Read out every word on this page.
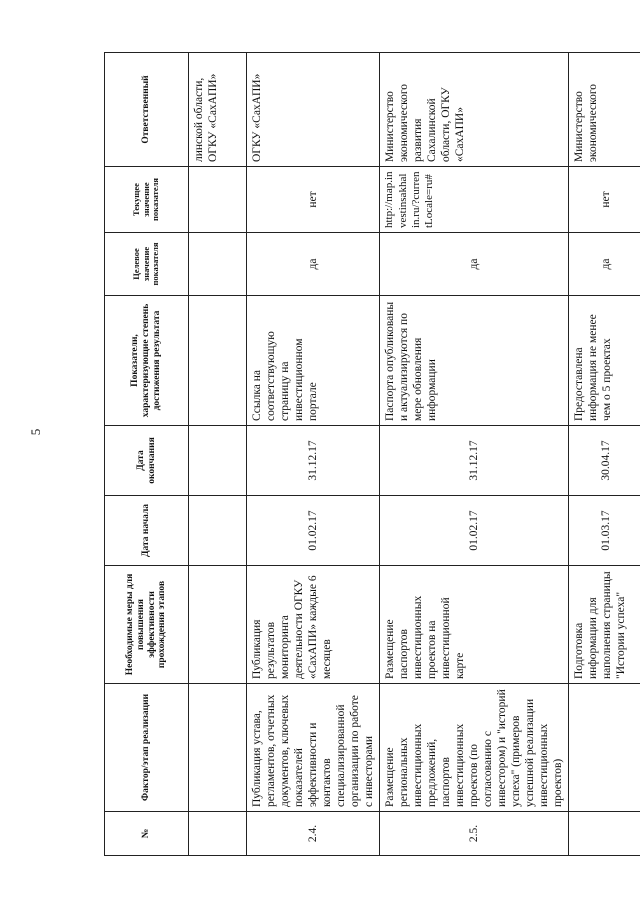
5
№	Фактор/этап реализации	Необходимые меры для повышения эффективности прохождения этапов	Дата начала	Дата окончания	Показатели, характеризующие степень достижения результата	Целевое значение показателя	Текущее значение показателя	Ответственный
								линской области, ОГКУ «СахАПИ»
2.4.	Публикация устава, регламентов, отчетных документов, ключевых показателей эффективности и контактов специализированной организации по работе с инвесторами	Публикация результатов мониторинга деятельности ОГКУ «СахАПИ» каждые 6 месяцев	01.02.17	31.12.17	Ссылка на соответствующую страницу на инвестиционном портале	да	нет	ОГКУ «СахАПИ»
2.5.	Размещение региональных инвестиционных предложений, паспортов инвестиционных проектов (по согласованию с инвестором) и "историй успеха" (примеров успешной реализации инвестиционных проектов)	Размещение паспортов инвестиционных проектов на инвестиционной карте	01.02.17	31.12.17	Паспорта опубликованы и актуализируются по мере обновления информации	да	http://map.investinsakhalin.ru/?currentLocale=ru#	Министерство экономического развития Сахалинской области, ОГКУ «СахАПИ»
		Подготовка информации для наполнения страницы "Истории успеха"	01.03.17	30.04.17	Предоставлена информация не менее чем о 5 проектах	да	нет	Министерство экономического
